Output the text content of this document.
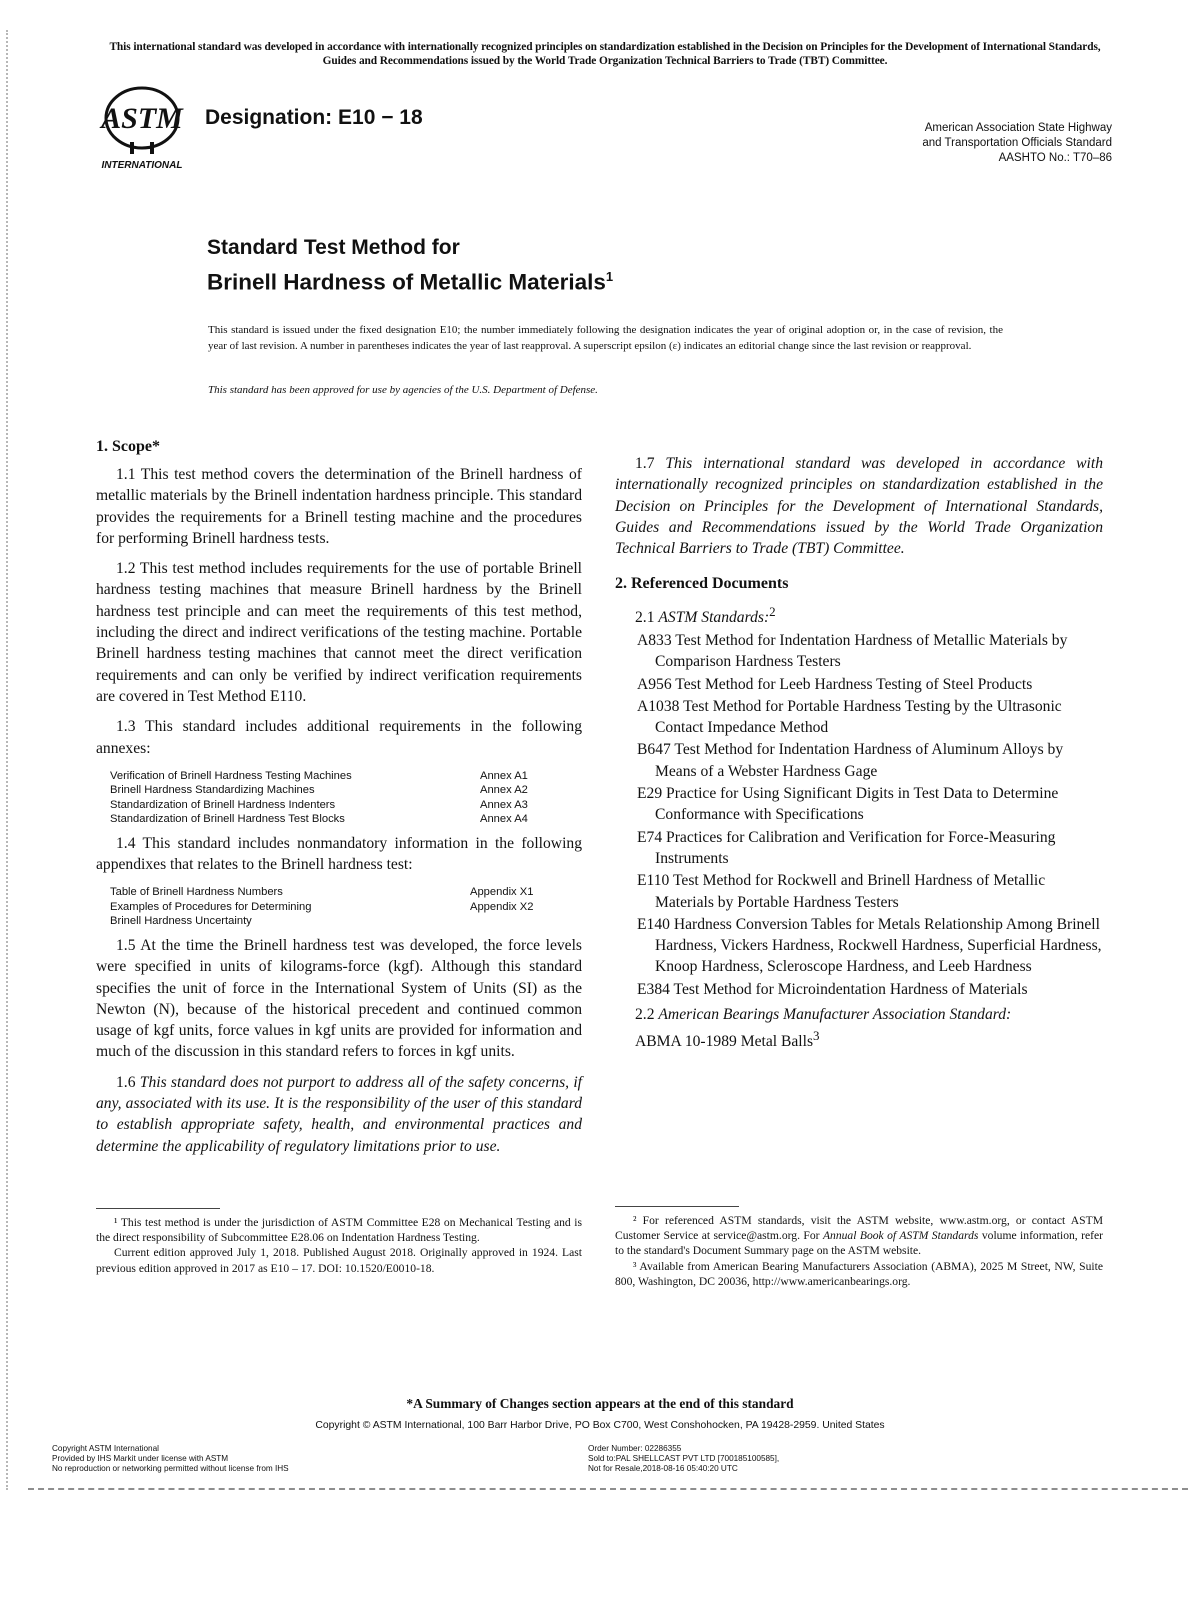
This international standard was developed in accordance with internationally recognized principles on standardization established in the Decision on Principles for the Development of International Standards, Guides and Recommendations issued by the World Trade Organization Technical Barriers to Trade (TBT) Committee.
ASTM
INTERNATIONAL
Designation: E10 − 18	American Association State Highway
and Transportation Officials Standard
AASHTO No.: T70–86
Standard Test Method for
Brinell Hardness of Metallic Materials$^1$
This standard is issued under the fixed designation E10; the number immediately following the designation indicates the year of original adoption or, in the case of revision, the year of last revision. A number in parentheses indicates the year of last reapproval. A superscript epsilon (ε) indicates an editorial change since the last revision or reapproval.
This standard has been approved for use by agencies of the U.S. Department of Defense.
1. Scope*

1.1 This test method covers the determination of the Brinell hardness of metallic materials by the Brinell indentation hardness principle. This standard provides the requirements for a Brinell testing machine and the procedures for performing Brinell hardness tests.

1.2 This test method includes requirements for the use of portable Brinell hardness testing machines that measure Brinell hardness by the Brinell hardness test principle and can meet the requirements of this test method, including the direct and indirect verifications of the testing machine. Portable Brinell hardness testing machines that cannot meet the direct verification requirements and can only be verified by indirect verification requirements are covered in Test Method E110.

1.3 This standard includes additional requirements in the following annexes:

Verification of Brinell Hardness Testing Machines	Annex A1
Brinell Hardness Standardizing Machines	Annex A2
Standardization of Brinell Hardness Indenters	Annex A3
Standardization of Brinell Hardness Test Blocks	Annex A4

1.4 This standard includes nonmandatory information in the following appendixes that relates to the Brinell hardness test:

Table of Brinell Hardness Numbers	Appendix X1
Examples of Procedures for Determining Brinell Hardness Uncertainty	Appendix X2

1.5 At the time the Brinell hardness test was developed, the force levels were specified in units of kilograms-force (kgf). Although this standard specifies the unit of force in the International System of Units (SI) as the Newton (N), because of the historical precedent and continued common usage of kgf units, force values in kgf units are provided for information and much of the discussion in this standard refers to forces in kgf units.

1.6 This standard does not purport to address all of the safety concerns, if any, associated with its use. It is the responsibility of the user of this standard to establish appropriate safety, health, and environmental practices and determine the applicability of regulatory limitations prior to use.

1.7 This international standard was developed in accordance with internationally recognized principles on standardization established in the Decision on Principles for the Development of International Standards, Guides and Recommendations issued by the World Trade Organization Technical Barriers to Trade (TBT) Committee.

2. Referenced Documents

2.1 ASTM Standards:$^2$

A833 Test Method for Indentation Hardness of Metallic Materials by Comparison Hardness Testers

A956 Test Method for Leeb Hardness Testing of Steel Products

A1038 Test Method for Portable Hardness Testing by the Ultrasonic Contact Impedance Method

B647 Test Method for Indentation Hardness of Aluminum Alloys by Means of a Webster Hardness Gage

E29 Practice for Using Significant Digits in Test Data to Determine Conformance with Specifications

E74 Practices for Calibration and Verification for Force-Measuring Instruments

E110 Test Method for Rockwell and Brinell Hardness of Metallic Materials by Portable Hardness Testers

E140 Hardness Conversion Tables for Metals Relationship Among Brinell Hardness, Vickers Hardness, Rockwell Hardness, Superficial Hardness, Knoop Hardness, Scleroscope Hardness, and Leeb Hardness

E384 Test Method for Microindentation Hardness of Materials

2.2 American Bearings Manufacturer Association Standard:

ABMA 10-1989 Metal Balls$^3$

¹ This test method is under the jurisdiction of ASTM Committee E28 on Mechanical Testing and is the direct responsibility of Subcommittee E28.06 on Indentation Hardness Testing.

Current edition approved July 1, 2018. Published August 2018. Originally approved in 1924. Last previous edition approved in 2017 as E10 – 17. DOI: 10.1520/E0010-18.

² For referenced ASTM standards, visit the ASTM website, www.astm.org, or contact ASTM Customer Service at service@astm.org. For Annual Book of ASTM Standards volume information, refer to the standard's Document Summary page on the ASTM website.

³ Available from American Bearing Manufacturers Association (ABMA), 2025 M Street, NW, Suite 800, Washington, DC 20036, http://www.americanbearings.org.

*A Summary of Changes section appears at the end of this standard
Copyright © ASTM International, 100 Barr Harbor Drive, PO Box C700, West Conshohocken, PA 19428-2959. United States
Copyright ASTM International
Provided by IHS Markit under license with ASTM
No reproduction or networking permitted without license from IHS
Order Number: 02286355
Sold to:PAL SHELLCAST PVT LTD [700185100585],
Not for Resale,2018-08-16 05:40:20 UTC
